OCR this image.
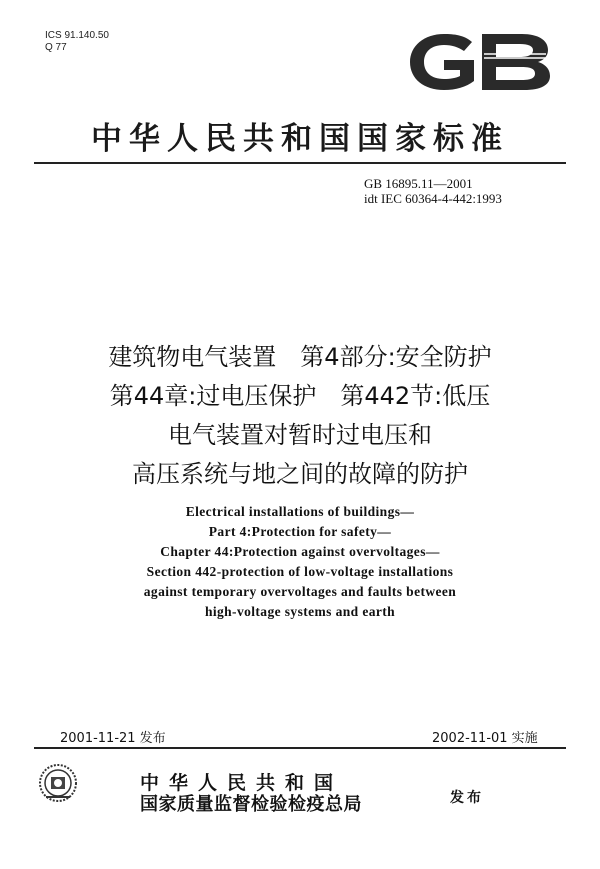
ICS 91.140.50
Q 77
中华人民共和国国家标准
GB 16895.11—2001
idt IEC 60364-4-442:1993
建筑物电气装置　第4部分:安全防护
第44章:过电压保护　第442节:低压
电气装置对暂时过电压和
高压系统与地之间的故障的防护
Electrical installations of buildings—
Part 4:Protection for safety—
Chapter 44:Protection against overvoltages—
Section 442-protection of low-voltage installations
against temporary overvoltages and faults between
high-voltage systems and earth
2001-11-21 发布	2002-11-01 实施
中华人民共和国
国家质量监督检验检疫总局	发布
